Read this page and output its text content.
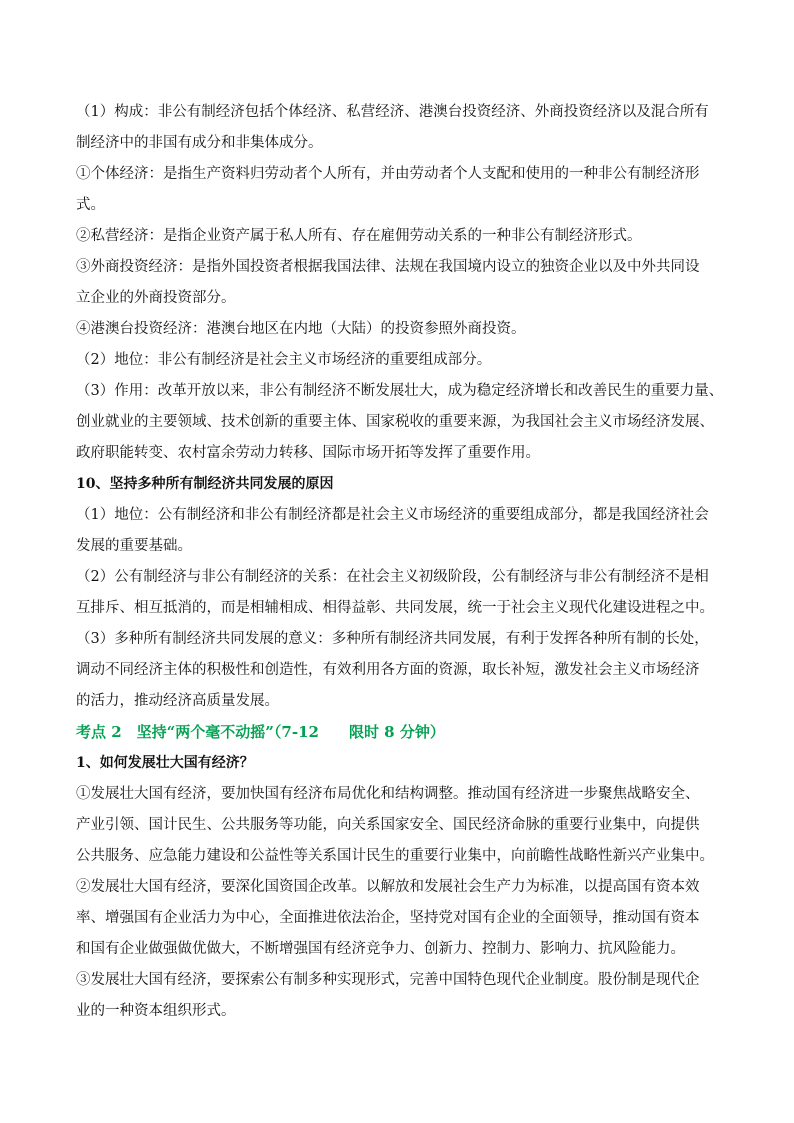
（1）构成：非公有制经济包括个体经济、私营经济、港澳台投资经济、外商投资经济以及混合所有

制经济中的非国有成分和非集体成分。

①个体经济：是指生产资料归劳动者个人所有，并由劳动者个人支配和使用的一种非公有制经济形

式。

②私营经济：是指企业资产属于私人所有、存在雇佣劳动关系的一种非公有制经济形式。

③外商投资经济：是指外国投资者根据我国法律、法规在我国境内设立的独资企业以及中外共同设

立企业的外商投资部分。

④港澳台投资经济：港澳台地区在内地（大陆）的投资参照外商投资。

（2）地位：非公有制经济是社会主义市场经济的重要组成部分。

（3）作用：改革开放以来，非公有制经济不断发展壮大，成为稳定经济增长和改善民生的重要力量、

创业就业的主要领域、技术创新的重要主体、国家税收的重要来源，为我国社会主义市场经济发展、

政府职能转变、农村富余劳动力转移、国际市场开拓等发挥了重要作用。

10、坚持多种所有制经济共同发展的原因

（1）地位：公有制经济和非公有制经济都是社会主义市场经济的重要组成部分，都是我国经济社会

发展的重要基础。

（2）公有制经济与非公有制经济的关系：在社会主义初级阶段，公有制经济与非公有制经济不是相

互排斥、相互抵消的，而是相辅相成、相得益彰、共同发展，统一于社会主义现代化建设进程之中。

（3）多种所有制经济共同发展的意义：多种所有制经济共同发展，有利于发挥各种所有制的长处，

调动不同经济主体的积极性和创造性，有效利用各方面的资源，取长补短，激发社会主义市场经济

的活力，推动经济高质量发展。

考点 2　坚持“两个毫不动摇”（7-12　　限时 8 分钟）

1、如何发展壮大国有经济？

①发展壮大国有经济，要加快国有经济布局优化和结构调整。推动国有经济进一步聚焦战略安全、

产业引领、国计民生、公共服务等功能，向关系国家安全、国民经济命脉的重要行业集中，向提供

公共服务、应急能力建设和公益性等关系国计民生的重要行业集中，向前瞻性战略性新兴产业集中。

②发展壮大国有经济，要深化国资国企改革。以解放和发展社会生产力为标准，以提高国有资本效

率、增强国有企业活力为中心，全面推进依法治企，坚持党对国有企业的全面领导，推动国有资本

和国有企业做强做优做大，不断增强国有经济竞争力、创新力、控制力、影响力、抗风险能力。

③发展壮大国有经济，要探索公有制多种实现形式，完善中国特色现代企业制度。股份制是现代企

业的一种资本组织形式。
